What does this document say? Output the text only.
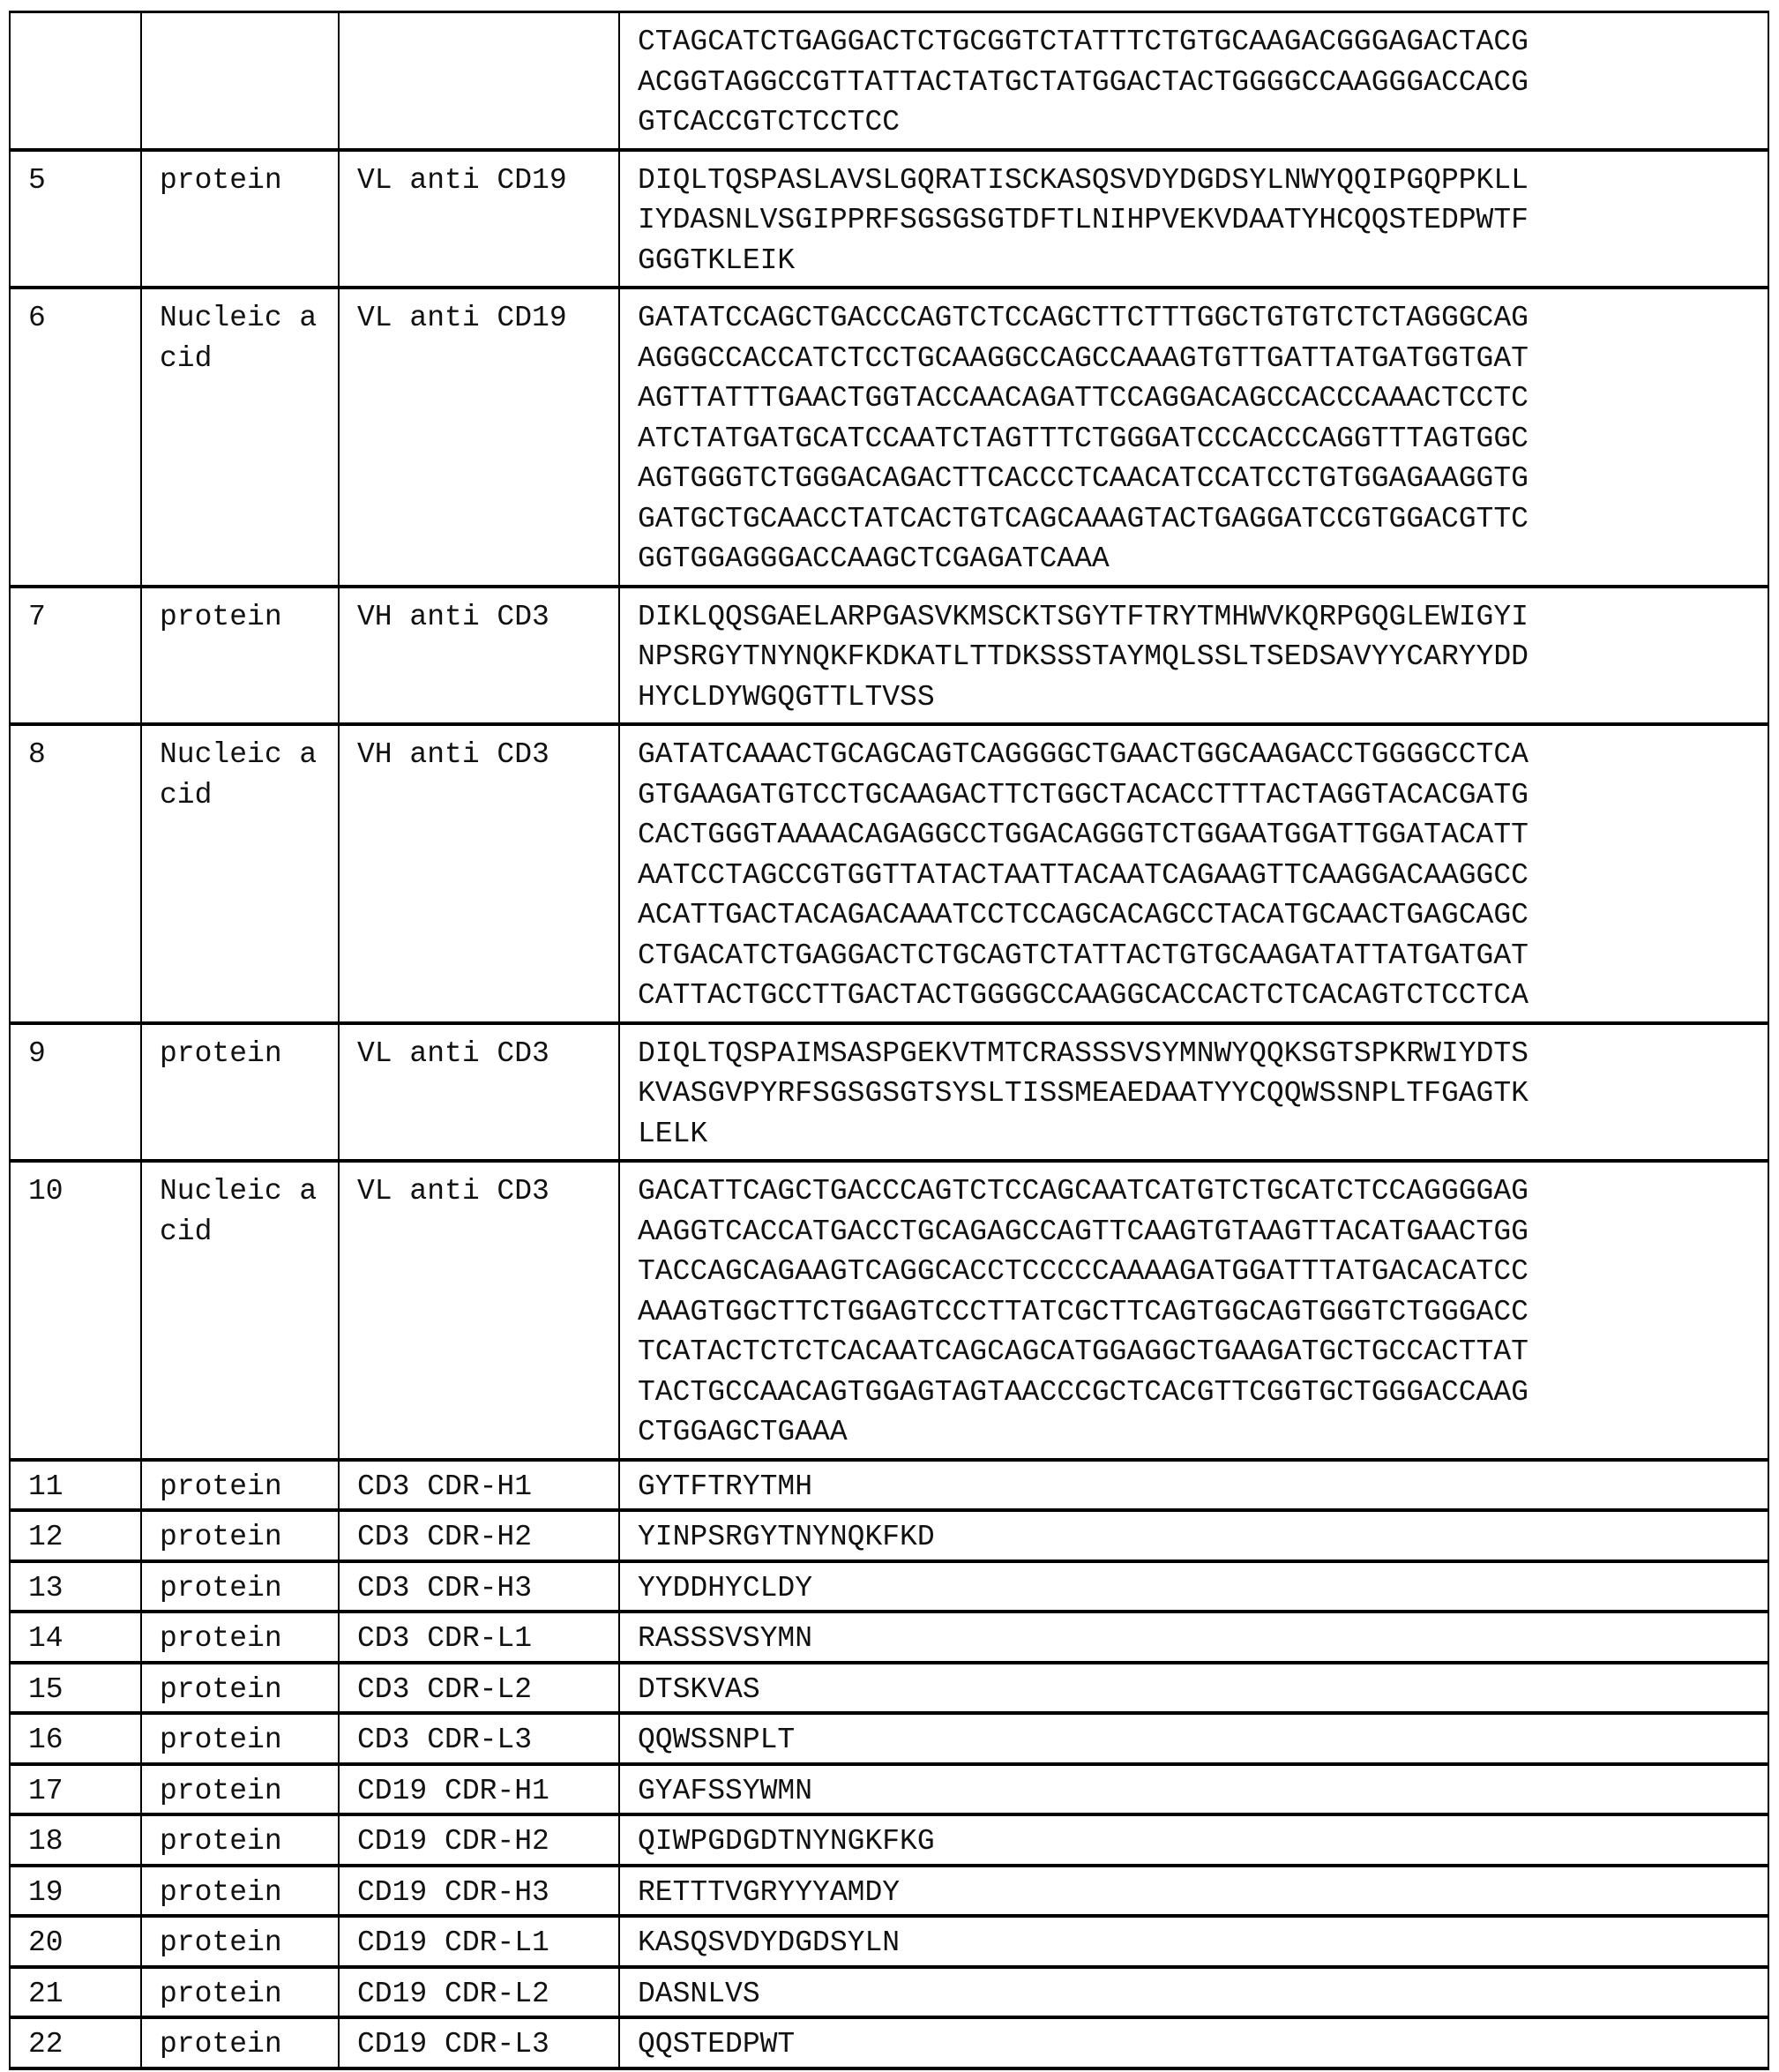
			CTAGCATCTGAGGACTCTGCGGTCTATTTCTGTGCAAGACGGGAGACTACG
ACGGTAGGCCGTTATTACTATGCTATGGACTACTGGGGCCAAGGGACCACG
GTCACCGTCTCCTCC

5	protein	VL anti CD19	DIQLTQSPASLAVSLGQRATISCKASQSVDYDGDSYLNWYQQIPGQPPKLL
IYDASNLVSGIPPRFSGSGSGTDFTLNIHPVEKVDAATYHCQQSTEDPWTF
GGGTKLEIK

6	Nucleic acid	VL anti CD19	GATATCCAGCTGACCCAGTCTCCAGCTTCTTTGGCTGTGTCTCTAGGGCAG
AGGGCCACCATCTCCTGCAAGGCCAGCCAAAGTGTTGATTATGATGGTGAT
AGTTATTTGAACTGGTACCAACAGATTCCAGGACAGCCACCCAAACTCCTC
ATCTATGATGCATCCAATCTAGTTTCTGGGATCCCACCCAGGTTTAGTGGC
AGTGGGTCTGGGACAGACTTCACCCTCAACATCCATCCTGTGGAGAAGGTG
GATGCTGCAACCTATCACTGTCAGCAAAGTACTGAGGATCCGTGGACGTTC
GGTGGAGGGACCAAGCTCGAGATCAAA

7	protein	VH anti CD3	DIKLQQSGAELARPGASVKMSCKTSGYTFTRYTMHWVKQRPGQGLEWIGYI
NPSRGYTNYNQKFKDKATLTTDKSSSTAYMQLSSLTSEDSAVYYCARYYDD
HYCLDYWGQGTTLTVSS

8	Nucleic acid	VH anti CD3	GATATCAAACTGCAGCAGTCAGGGGCTGAACTGGCAAGACCTGGGGCCTCA
GTGAAGATGTCCTGCAAGACTTCTGGCTACACCTTTACTAGGTACACGATG
CACTGGGTAAAACAGAGGCCTGGACAGGGTCTGGAATGGATTGGATACATT
AATCCTAGCCGTGGTTATACTAATTACAATCAGAAGTTCAAGGACAAGGCC
ACATTGACTACAGACAAATCCTCCAGCACAGCCTACATGCAACTGAGCAGC
CTGACATCTGAGGACTCTGCAGTCTATTACTGTGCAAGATATTATGATGAT
CATTACTGCCTTGACTACTGGGGCCAAGGCACCACTCTCACAGTCTCCTCA

9	protein	VL anti CD3	DIQLTQSPAIMSASPGEKVTMTCRASSSVSYMNWYQQKSGTSPKRWIYDTS
KVASGVPYRFSGSGSGTSYSLTISSMEAEDAATYYCQQWSSNPLTFGAGTK
LELK

10	Nucleic acid	VL anti CD3	GACATTCAGCTGACCCAGTCTCCAGCAATCATGTCTGCATCTCCAGGGGAG
AAGGTCACCATGACCTGCAGAGCCAGTTCAAGTGTAAGTTACATGAACTGG
TACCAGCAGAAGTCAGGCACCTCCCCCAAAAGATGGATTTATGACACATCC
AAAGTGGCTTCTGGAGTCCCTTATCGCTTCAGTGGCAGTGGGTCTGGGACC
TCATACTCTCTCACAATCAGCAGCATGGAGGCTGAAGATGCTGCCACTTAT
TACTGCCAACAGTGGAGTAGTAACCCGCTCACGTTCGGTGCTGGGACCAAG
CTGGAGCTGAAA

11	protein	CD3 CDR-H1	GYTFTRYTMH

12	protein	CD3 CDR-H2	YINPSRGYTNYNQKFKD

13	protein	CD3 CDR-H3	YYDDHYCLDY

14	protein	CD3 CDR-L1	RASSSVSYMN

15	protein	CD3 CDR-L2	DTSKVAS

16	protein	CD3 CDR-L3	QQWSSNPLT

17	protein	CD19 CDR-H1	GYAFSSYWMN

18	protein	CD19 CDR-H2	QIWPGDGDTNYNGKFKG

19	protein	CD19 CDR-H3	RETTTVGRYYYAMDY

20	protein	CD19 CDR-L1	KASQSVDYDGDSYLN

21	protein	CD19 CDR-L2	DASNLVS

22	protein	CD19 CDR-L3	QQSTEDPWT
